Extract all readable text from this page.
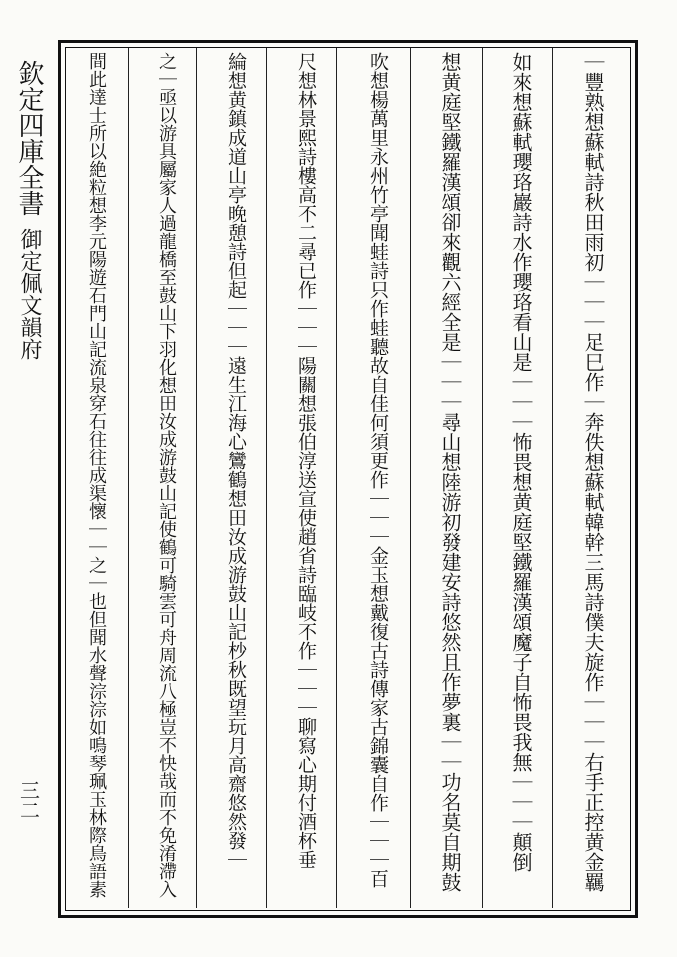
欽定四庫全書
御定佩文韻府
三二	｜豐熟想蘇軾詩秋田雨初｜｜｜足巳作｜奔佚想蘇軾韓幹三馬詩僕夫旋作｜｜｜右手正控黄金羈
如來想蘇軾瓔珞巖詩水作瓔珞看山是｜｜｜怖畏想黄庭堅鐵羅漢頌魔子自怖畏我無｜｜｜顛倒
想黄庭堅鐵羅漢頌卻來觀六經全是｜｜｜尋山想陸游初發建安詩悠然且作夢裏｜｜功名莫自期鼓
吹想楊萬里永州竹亭聞蛙詩只作蛙聽故自佳何須更作｜｜｜金玉想戴復古詩傳家古錦囊自作｜｜｜百
尺想林景熙詩樓高不二尋已作｜｜｜陽關想張伯淳送宣使趙省詩臨岐不作｜｜｜聊寫心期付酒杯垂
綸想黄鎮成道山亭晚憩詩但起｜｜｜遠生江海心鸞鶴想田汝成游鼓山記杪秋既望玩月高齋悠然發｜
之｜亟以游具屬家人過龍橋至鼓山下羽化想田汝成游鼓山記使鶴可騎雲可舟周流八極豈不快哉而不免淆滯入
間此達士所以絶粒想李元陽遊石門山記流泉穿石往往成渠懷｜｜之｜也但聞水聲淙淙如鳴琴珮玉林際鳥語素
